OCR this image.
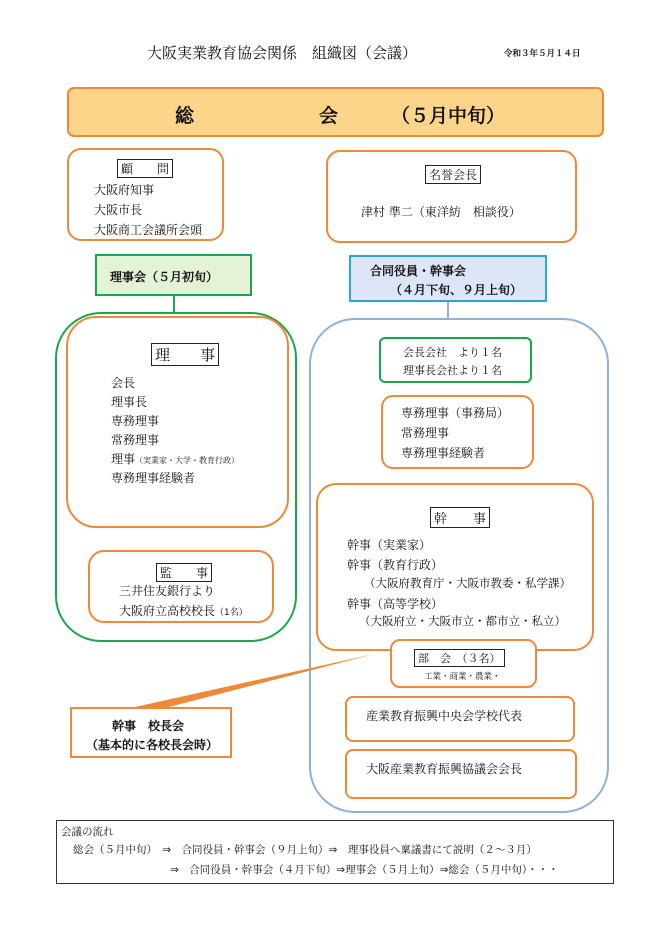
大阪実業教育協会関係　組織図（会議）	令和３年５月１４日
総	会	（５月中旬）
顧　　問
大阪府知事
大阪市長
大阪商工会議所会頭
名誉会長
津村 準二（東洋紡　相談役）
理事会（５月初旬）	合同役員・幹事会
（４月下旬、９月上旬）
理　　事
会長
理事長
専務理事
常務理事
理事（実業家・大学・教育行政）
専務理事経験者
監　　事
三井住友銀行より
大阪府立高校校長（1名）
会長会社　より１名
理事長会社より１名
専務理事（事務局）
常務理事
専務理事経験者
幹　　事
幹事（実業家）
幹事（教育行政）
（大阪府教育庁・大阪市教委・私学課）
幹事（高等学校）
（大阪府立・大阪市立・都市立・私立）
部　会　（３名）
工業・商業・農業・
産業教育振興中央会学校代表
大阪産業教育振興協議会会長
幹事　校長会
（基本的に各校長会時）
会議の流れ
総会（５月中旬）　⇒　合同役員・幹事会（９月上旬）⇒　理事役員へ稟議書にて説明（２〜３月）
⇒　合同役員・幹事会（４月下旬）⇒理事会（５月上旬）⇒総会（５月中旬）・・・
